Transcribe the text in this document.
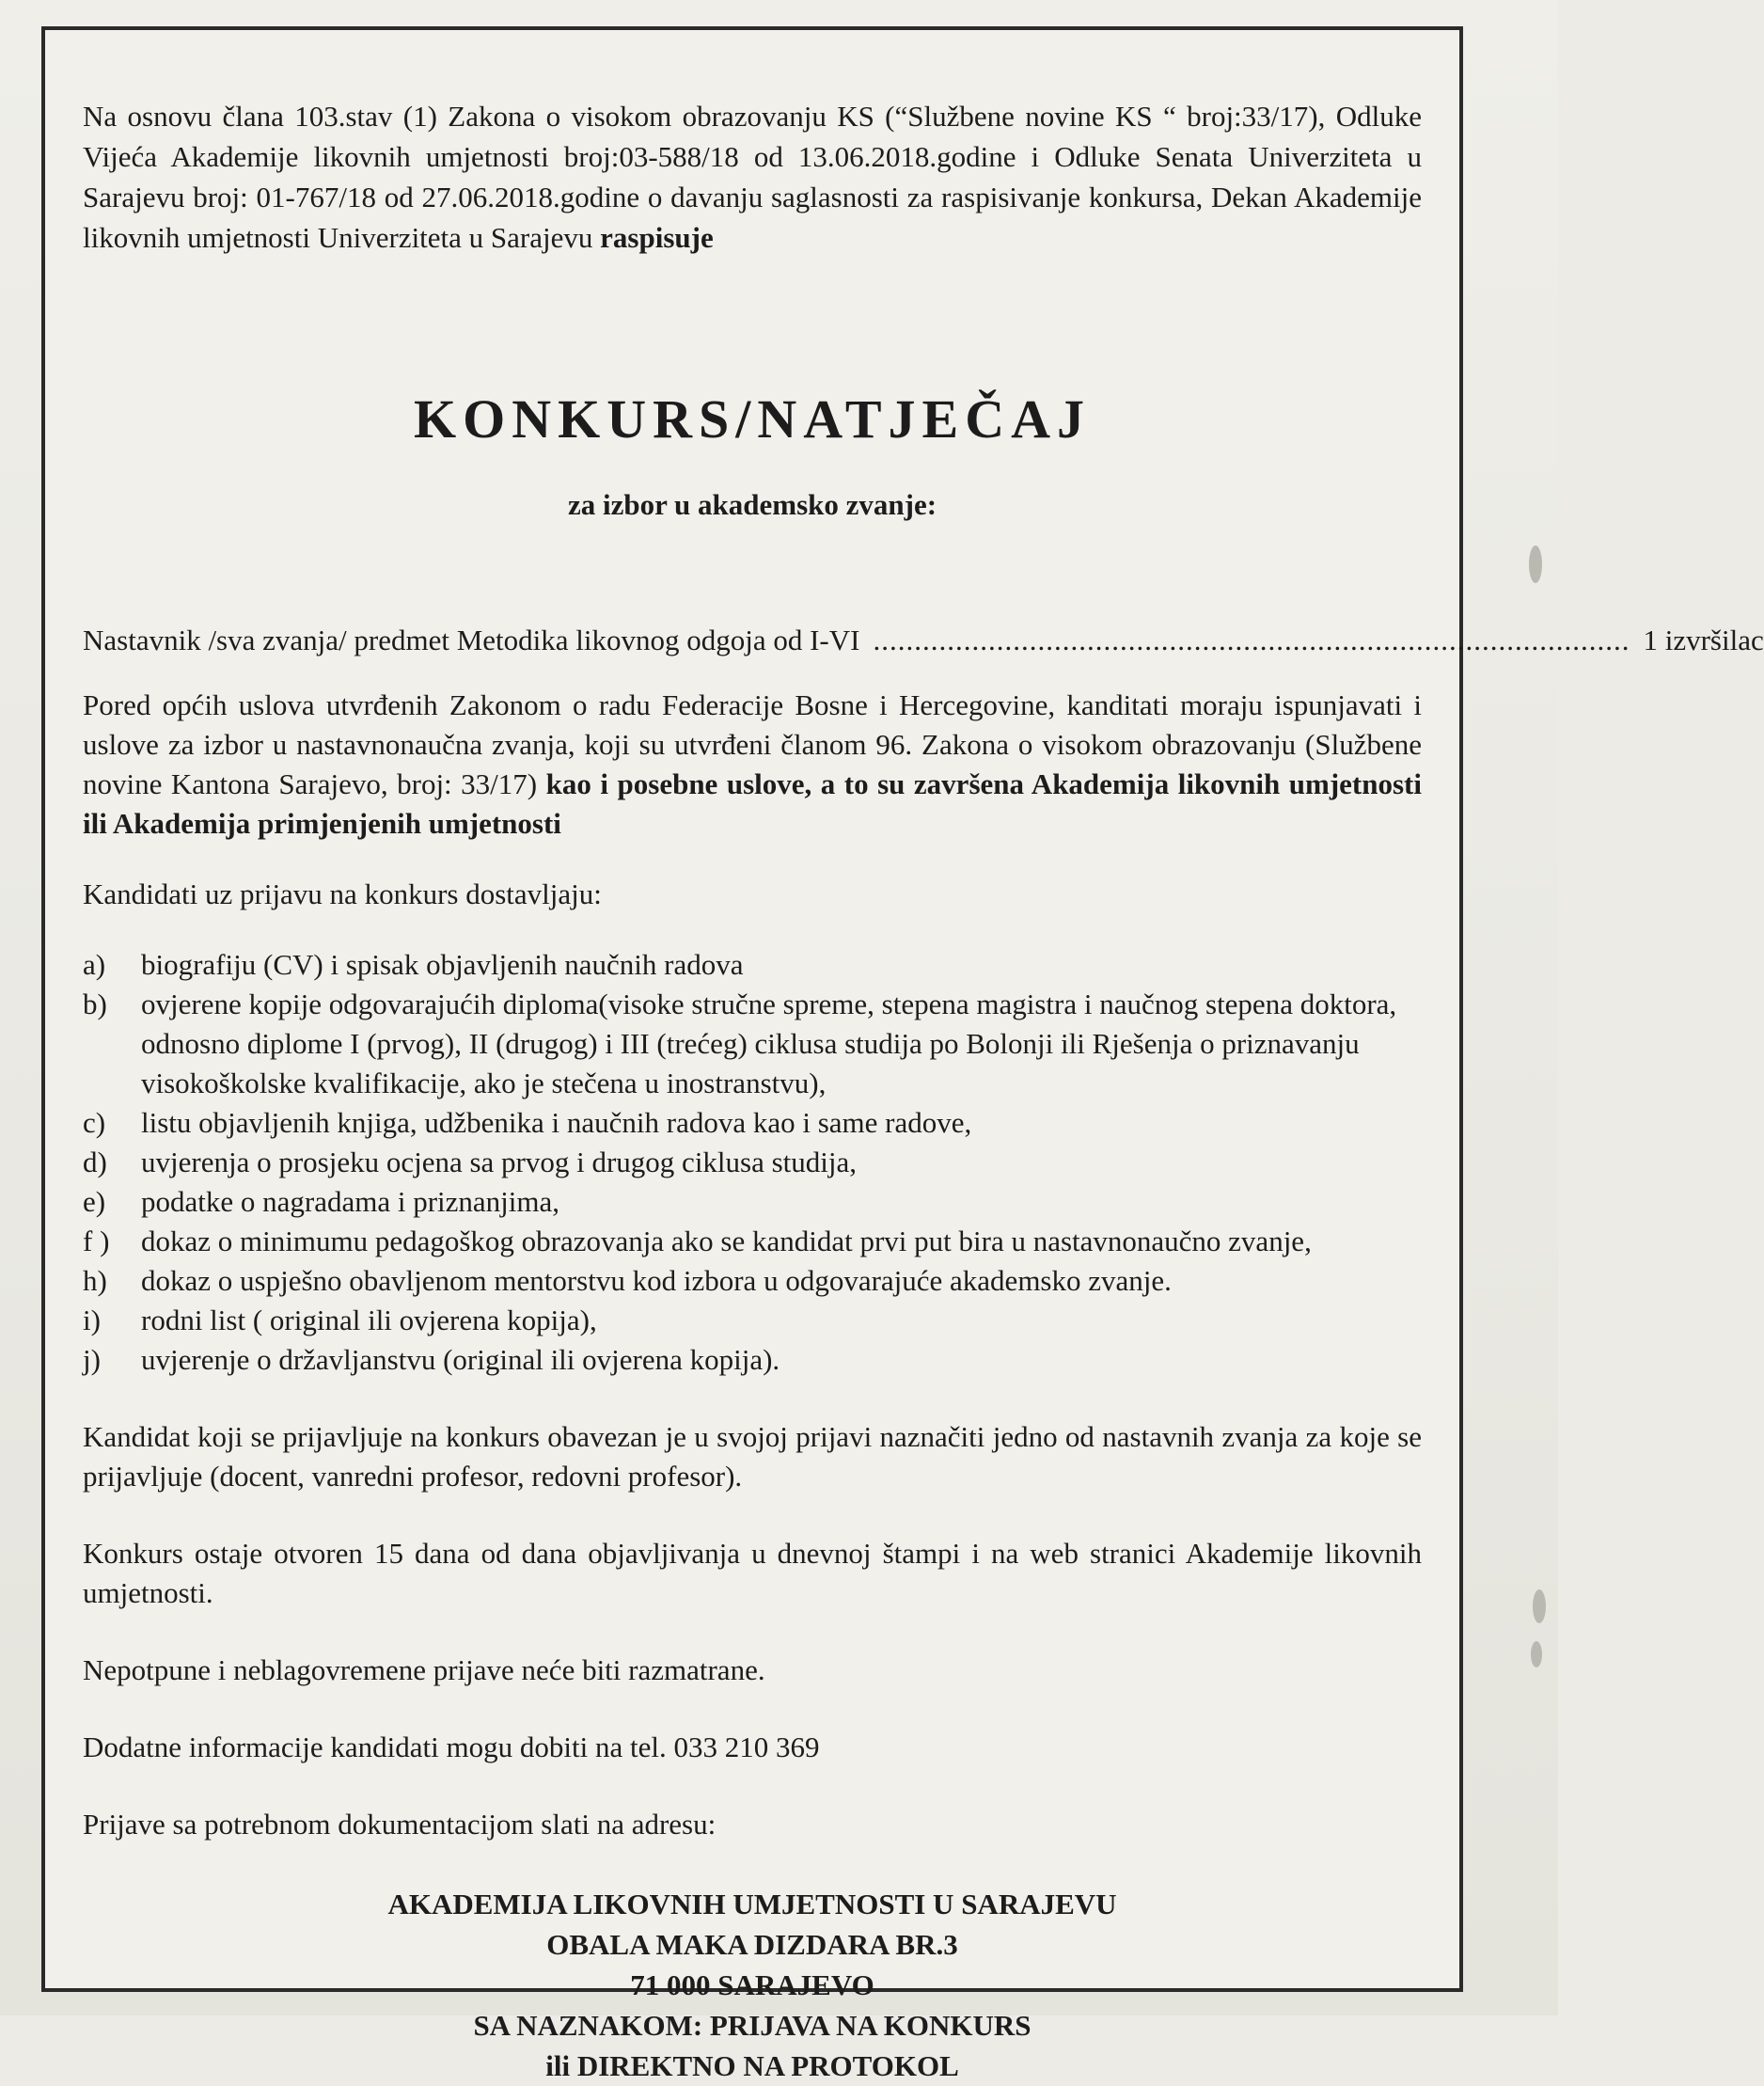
Na osnovu člana 103.stav (1) Zakona o visokom obrazovanju KS (“Službene novine KS “ broj:33/17), Odluke Vijeća Akademije likovnih umjetnosti broj:03-588/18 od 13.06.2018.godine i Odluke Senata Univerziteta u Sarajevu broj: 01-767/18 od 27.06.2018.godine o davanju saglasnosti za raspisivanje konkursa, Dekan Akademije likovnih umjetnosti Univerziteta u Sarajevu raspisuje

KONKURS/NATJEČAJ
za izbor u akademsko zvanje:
Nastavnik /sva zvanja/ predmet Metodika likovnog odgoja od I-VI ............................................................................................ 1 izvršilac

Pored općih uslova utvrđenih Zakonom o radu Federacije Bosne i Hercegovine, kanditati moraju ispunjavati i uslove za izbor u nastavnonaučna zvanja, koji su utvrđeni članom 96. Zakona o visokom obrazovanju (Službene novine Kantona Sarajevo, broj: 33/17) kao i posebne uslove, a to su završena Akademija likovnih umjetnosti ili Akademija primjenjenih umjetnosti

Kandidati uz prijavu na konkurs dostavljaju:
a)	biografiju (CV) i spisak objavljenih naučnih radova
b)	ovjerene kopije odgovarajućih diploma(visoke stručne spreme, stepena magistra i naučnog stepena doktora, odnosno diplome I (prvog), II (drugog) i III (trećeg) ciklusa studija po Bolonji ili Rješenja o priznavanju visokoškolske kvalifikacije, ako je stečena u inostranstvu),
c)	listu objavljenih knjiga, udžbenika i naučnih radova kao i same radove,
d)	uvjerenja o prosjeku ocjena sa prvog i drugog ciklusa studija,
e)	podatke o nagradama i priznanjima,
f )	dokaz o minimumu pedagoškog obrazovanja ako se kandidat prvi put bira u nastavnonaučno zvanje,
h)	dokaz o uspješno obavljenom mentorstvu kod izbora u odgovarajuće akademsko zvanje.
i)	rodni list ( original ili ovjerena kopija),
j)	uvjerenje o državljanstvu (original ili ovjerena kopija).

Kandidat koji se prijavljuje na konkurs obavezan je u svojoj prijavi naznačiti jedno od nastavnih zvanja za koje se prijavljuje (docent, vanredni profesor, redovni profesor).

Konkurs ostaje otvoren 15 dana od dana objavljivanja u dnevnoj štampi i na web stranici Akademije likovnih umjetnosti.

Nepotpune i neblagovremene prijave neće biti razmatrane.

Dodatne informacije kandidati mogu dobiti na tel. 033 210 369

Prijave sa potrebnom dokumentacijom slati na adresu:

AKADEMIJA LIKOVNIH UMJETNOSTI U SARAJEVU
OBALA MAKA DIZDARA BR.3
71 000 SARAJEVO
SA NAZNAKOM: PRIJAVA NA KONKURS
ili DIREKTNO NA PROTOKOL
